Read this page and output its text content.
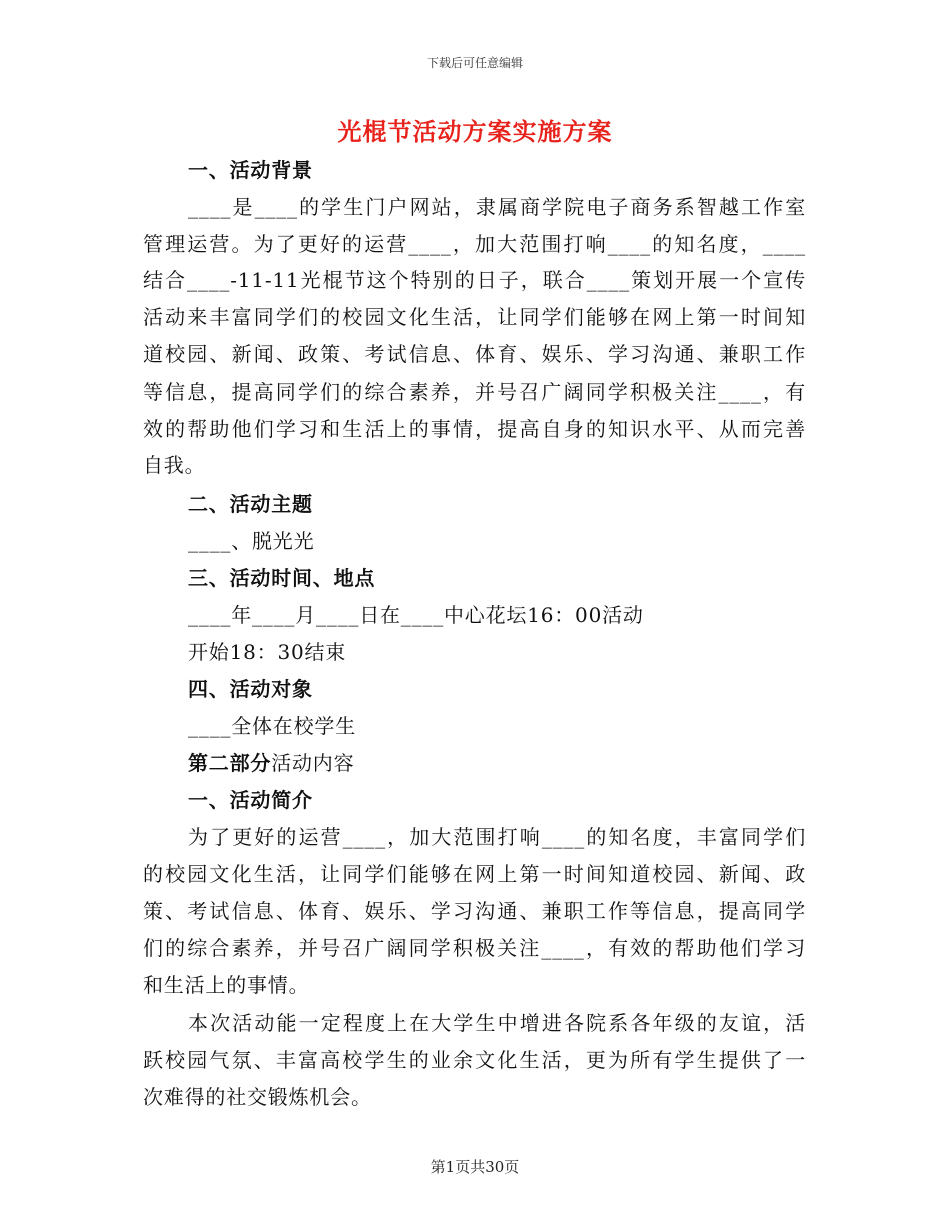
下载后可任意编辑
光棍节活动方案实施方案
一、活动背景
____是____的学生门户网站，隶属商学院电子商务系智越工作室
管理运营。为了更好的运营____，加大范围打响____的知名度，____
结合____-11-11光棍节这个特别的日子，联合____策划开展一个宣传
活动来丰富同学们的校园文化生活，让同学们能够在网上第一时间知
道校园、新闻、政策、考试信息、体育、娱乐、学习沟通、兼职工作
等信息，提高同学们的综合素养，并号召广阔同学积极关注____，有
效的帮助他们学习和生活上的事情，提高自身的知识水平、从而完善
自我。
二、活动主题
____、脱光光
三、活动时间、地点
____年____月____日在____中心花坛16：00活动
开始18：30结束
四、活动对象
____全体在校学生
第二部分活动内容
一、活动简介
为了更好的运营____，加大范围打响____的知名度，丰富同学们
的校园文化生活，让同学们能够在网上第一时间知道校园、新闻、政
策、考试信息、体育、娱乐、学习沟通、兼职工作等信息，提高同学
们的综合素养，并号召广阔同学积极关注____，有效的帮助他们学习
和生活上的事情。
本次活动能一定程度上在大学生中增进各院系各年级的友谊，活
跃校园气氛、丰富高校学生的业余文化生活，更为所有学生提供了一
次难得的社交锻炼机会。
第1页共30页
